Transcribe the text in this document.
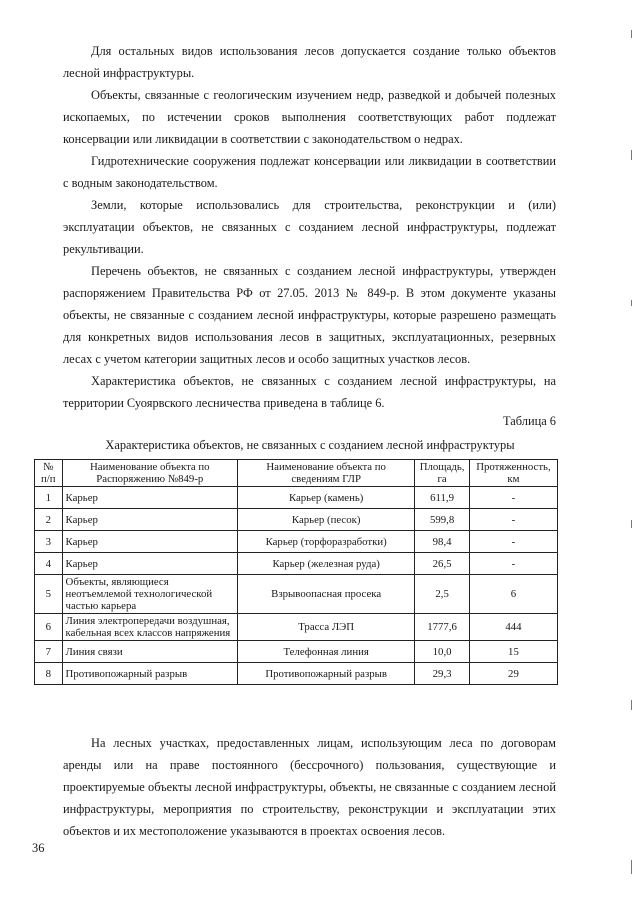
Для остальных видов использования лесов допускается создание только объектов лесной инфраструктуры.

Объекты, связанные с геологическим изучением недр, разведкой и добычей полезных ископаемых, по истечении сроков выполнения соответствующих работ подлежат консервации или ликвидации в соответствии с законодательством о недрах.

Гидротехнические сооружения подлежат консервации или ликвидации в соответствии с водным законодательством.

Земли, которые использовались для строительства, реконструкции и (или) эксплуатации объектов, не связанных с созданием лесной инфраструктуры, подлежат рекультивации.

Перечень объектов, не связанных с созданием лесной инфраструктуры, утвержден распоряжением Правительства РФ от 27.05. 2013 № 849-р. В этом документе указаны объекты, не связанные с созданием лесной инфраструктуры, которые разрешено размещать для конкретных видов использования лесов в защитных, эксплуатационных, резервных лесах с учетом категории защитных лесов и особо защитных участков лесов.

Характеристика объектов, не связанных с созданием лесной инфраструктуры, на территории Суоярвского лесничества приведена в таблице 6.

Таблица 6
Характеристика объектов, не связанных с созданием лесной инфраструктуры
№ п/п	Наименование объекта по Распоряжению №849-р	Наименование объекта по сведениям ГЛР	Площадь, га	Протяженность, км
1	Карьер	Карьер (камень)	611,9	-
2	Карьер	Карьер (песок)	599,8	-
3	Карьер	Карьер (торфоразработки)	98,4	-
4	Карьер	Карьер (железная руда)	26,5	-
5	Объекты, являющиеся неотъемлемой технологической частью карьера	Взрывоопасная просека	2,5	6
6	Линия электропередачи воздушная, кабельная всех классов напряжения	Трасса ЛЭП	1777,6	444
7	Линия связи	Телефонная линия	10,0	15
8	Противопожарный разрыв	Противопожарный разрыв	29,3	29

На лесных участках, предоставленных лицам, использующим леса по договорам аренды или на праве постоянного (бессрочного) пользования, существующие и проектируемые объекты лесной инфраструктуры, объекты, не связанные с созданием лесной инфраструктуры, мероприятия по строительству, реконструкции и эксплуатации этих объектов и их местоположение указываются в проектах освоения лесов.

36
